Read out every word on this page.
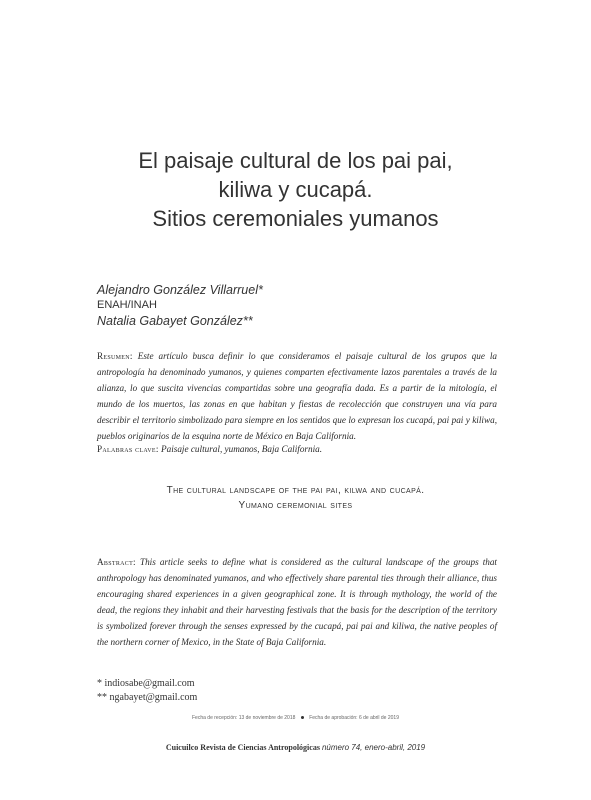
El paisaje cultural de los pai pai,
kiliwa y cucapá.
Sitios ceremoniales yumanos
Alejandro González Villarruel*
ENAH/INAH
Natalia Gabayet González**
Resumen: Este artículo busca definir lo que consideramos el paisaje cultural de los grupos que la antropología ha denominado yumanos, y quienes comparten efectivamente lazos parentales a través de la alianza, lo que suscita vivencias compartidas sobre una geografía dada. Es a partir de la mitología, el mundo de los muertos, las zonas en que habitan y fiestas de recolección que construyen una vía para describir el territorio simbolizado para siempre en los sentidos que lo expresan los cucapá, pai pai y kiliwa, pueblos originarios de la esquina norte de México en Baja California.
Palabras clave: Paisaje cultural, yumanos, Baja California.
The cultural landscape of the pai pai, kilwa and cucapá.
Yumano ceremonial sites
Abstract: This article seeks to define what is considered as the cultural landscape of the groups that anthropology has denominated yumanos, and who effectively share parental ties through their alliance, thus encouraging shared experiences in a given geographical zone. It is through mythology, the world of the dead, the regions they inhabit and their harvesting festivals that the basis for the description of the territory is symbolized forever through the senses expressed by the cucapá, pai pai and kiliwa, the native peoples of the northern corner of Mexico, in the State of Baja California.
* indiosabe@gmail.com
** ngabayet@gmail.com
Fecha de recepción: 13 de noviembre de 2018	Fecha de aprobación: 6 de abril de 2019
Cuicuilco Revista de Ciencias Antropológicas número 74, enero-abril, 2019
